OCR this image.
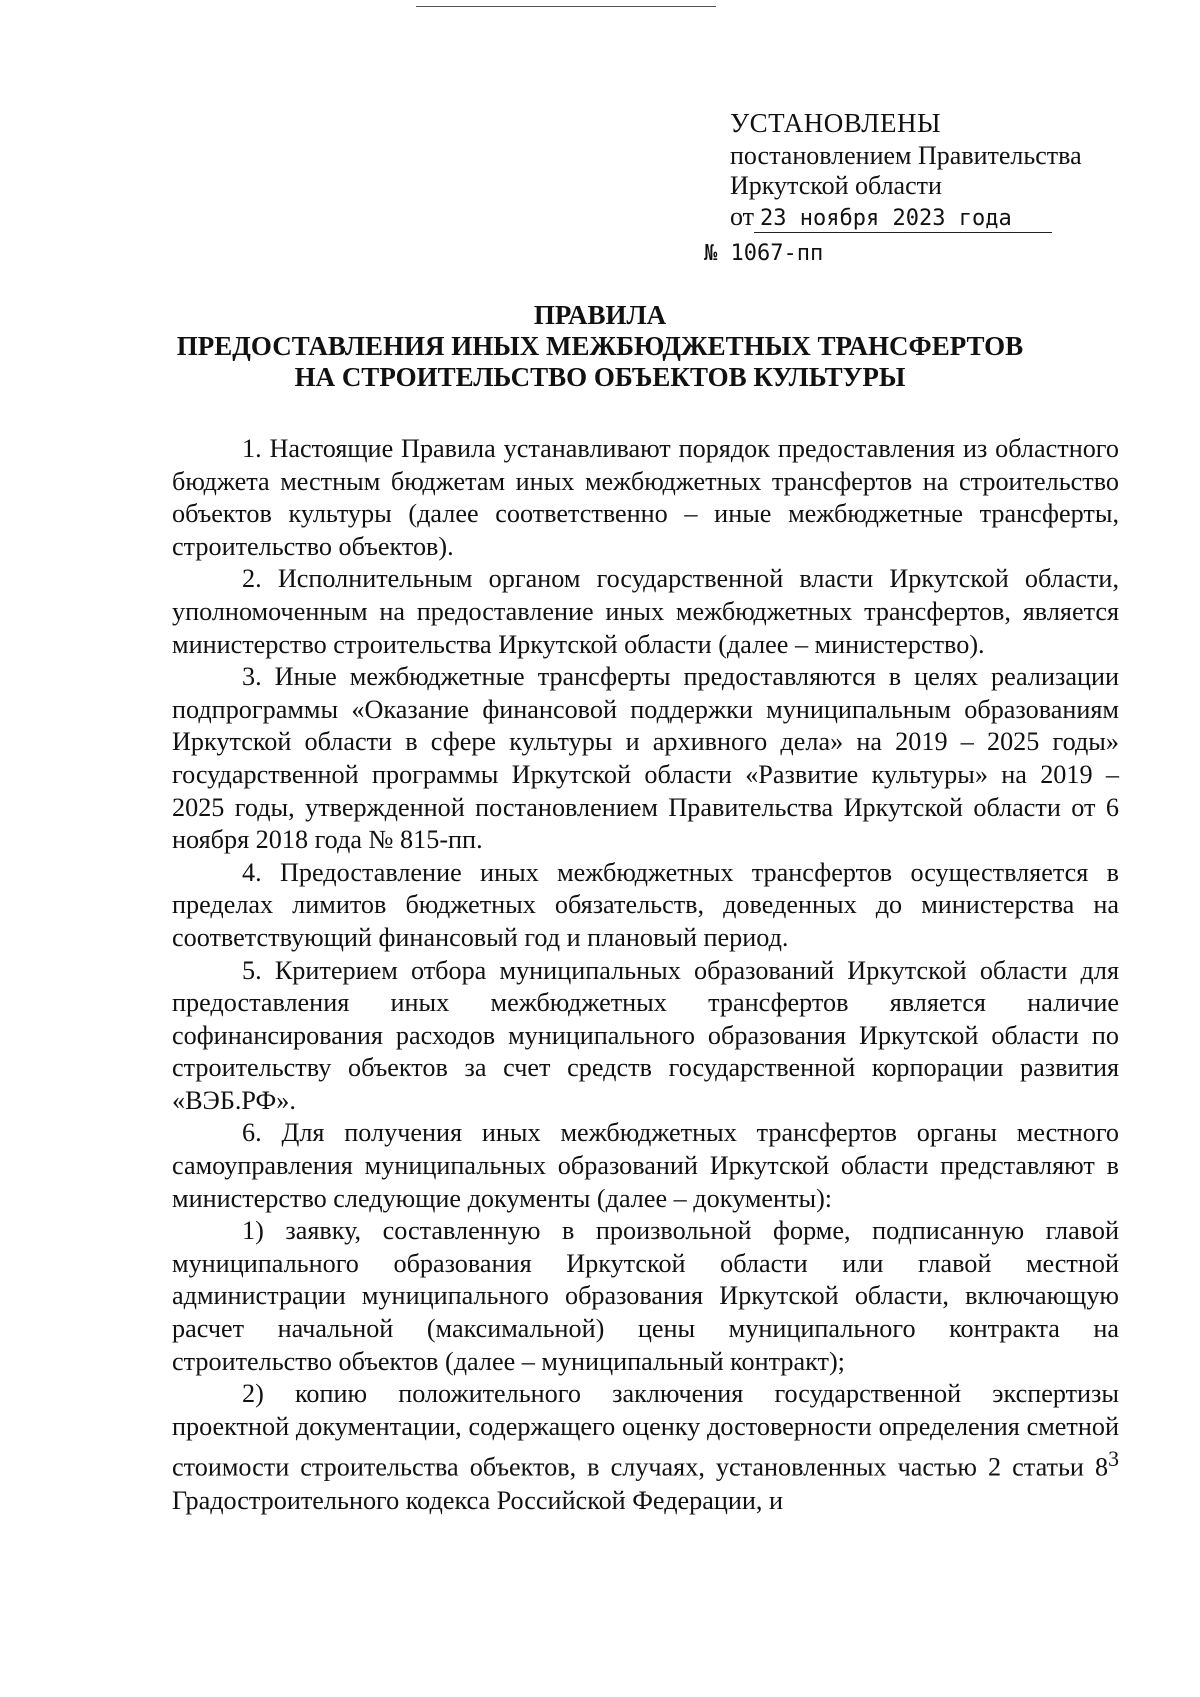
УСТАНОВЛЕНЫ
постановлением Правительства
Иркутской области
от 23 ноября 2023 года
№ 1067-пп
ПРАВИЛА
ПРЕДОСТАВЛЕНИЯ ИНЫХ МЕЖБЮДЖЕТНЫХ ТРАНСФЕРТОВ
НА СТРОИТЕЛЬСТВО ОБЪЕКТОВ КУЛЬТУРЫ

1. Настоящие Правила устанавливают порядок предоставления из областного бюджета местным бюджетам иных межбюджетных трансфертов на строительство объектов культуры (далее соответственно – иные межбюджетные трансферты, строительство объектов).

2. Исполнительным органом государственной власти Иркутской области, уполномоченным на предоставление иных межбюджетных трансфертов, является министерство строительства Иркутской области (далее – министерство).

3. Иные межбюджетные трансферты предоставляются в целях реализации подпрограммы «Оказание финансовой поддержки муниципальным образованиям Иркутской области в сфере культуры и архивного дела» на 2019 – 2025 годы» государственной программы Иркутской области «Развитие культуры» на 2019 – 2025 годы, утвержденной постановлением Правительства Иркутской области от 6 ноября 2018 года № 815-пп.

4. Предоставление иных межбюджетных трансфертов осуществляется в пределах лимитов бюджетных обязательств, доведенных до министерства на соответствующий финансовый год и плановый период.

5. Критерием отбора муниципальных образований Иркутской области для предоставления иных межбюджетных трансфертов является наличие софинансирования расходов муниципального образования Иркутской области по строительству объектов за счет средств государственной корпорации развития «ВЭБ.РФ».

6. Для получения иных межбюджетных трансфертов органы местного самоуправления муниципальных образований Иркутской области представляют в министерство следующие документы (далее – документы):

1) заявку, составленную в произвольной форме, подписанную главой муниципального образования Иркутской области или главой местной администрации муниципального образования Иркутской области, включающую расчет начальной (максимальной) цены муниципального контракта на строительство объектов (далее – муниципальный контракт);

2) копию положительного заключения государственной экспертизы проектной документации, содержащего оценку достоверности определения сметной стоимости строительства объектов, в случаях, установленных частью 2 статьи $8^3$ Градостроительного кодекса Российской Федерации, и
